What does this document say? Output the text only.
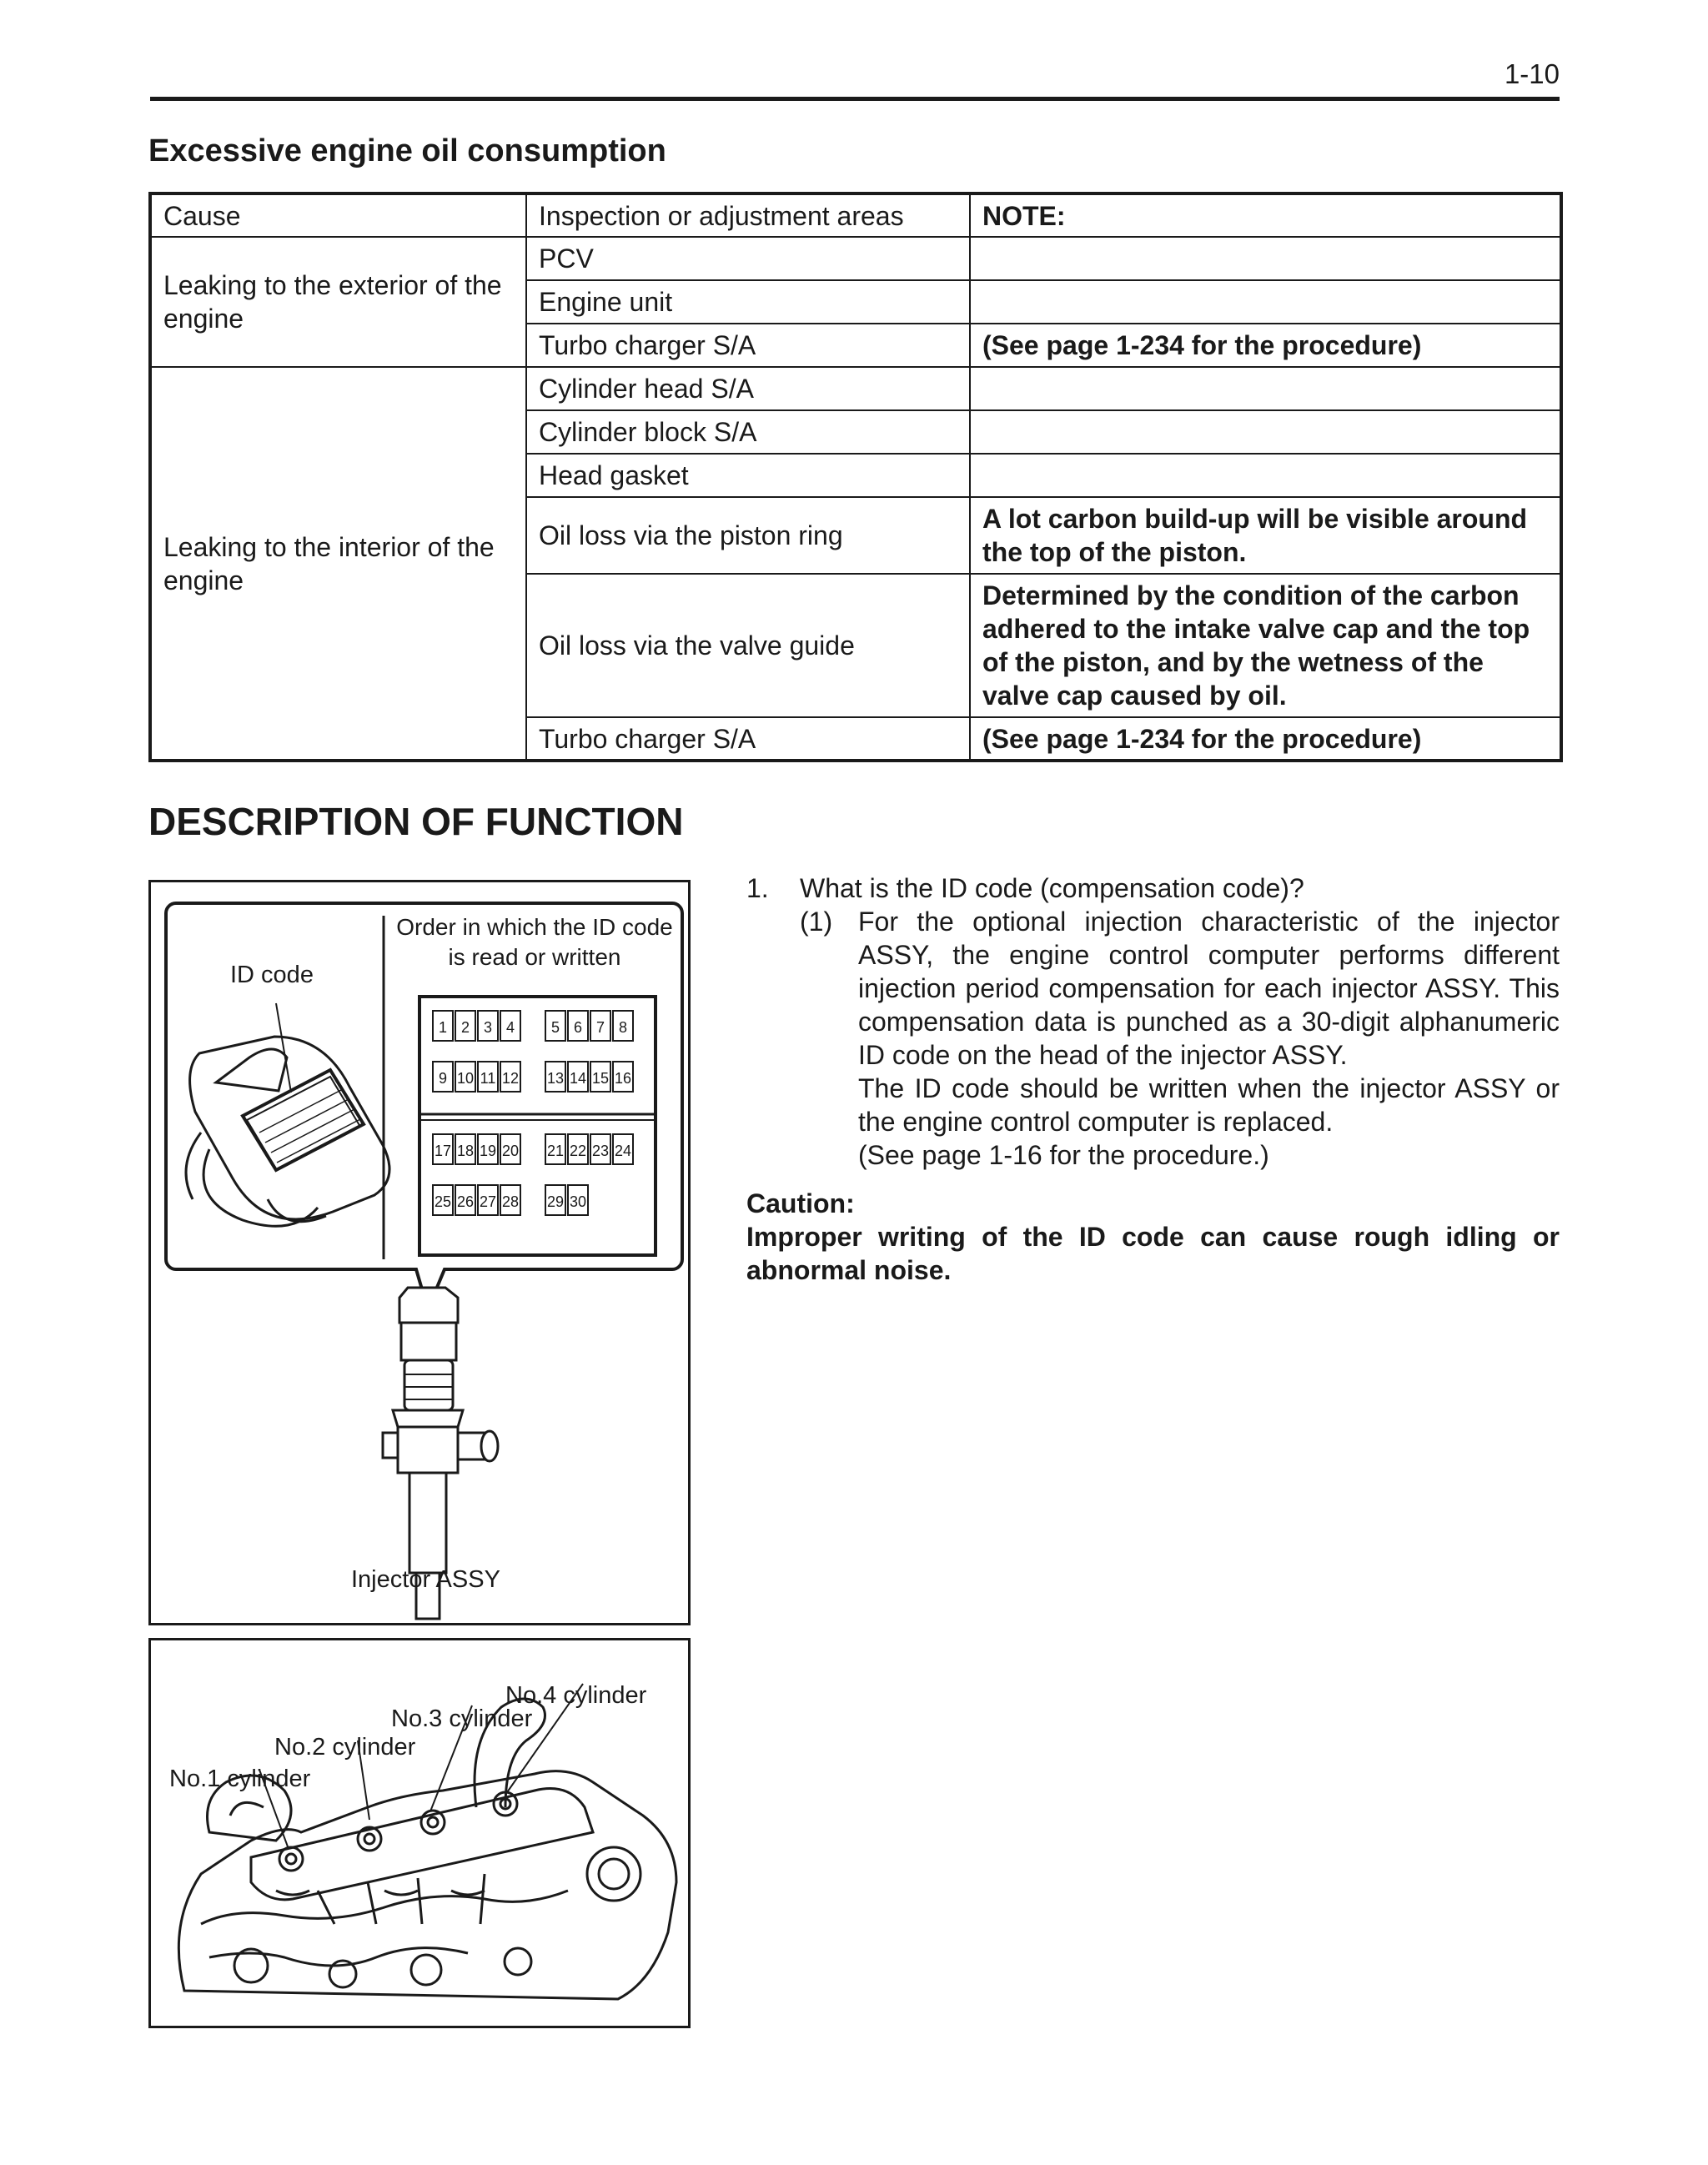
1-10
Excessive engine oil consumption
Cause	Inspection or adjustment areas	NOTE:
Leaking to the exterior of the engine	PCV	
	Engine unit	
	Turbo charger S/A	(See page 1-234 for the procedure)
Leaking to the interior of the engine	Cylinder head S/A	
	Cylinder block S/A	
	Head gasket	
	Oil loss via the piston ring	A lot carbon build-up will be visible around the top of the piston.
	Oil loss via the valve guide	Determined by the condition of the carbon adhered to the intake valve cap and the top of the piston, and by the wetness of the valve cap caused by oil.
	Turbo charger S/A	(See page 1-234 for the procedure)
DESCRIPTION OF FUNCTION
ID code
Order in which the ID code
is read or written
Injector ASSY
1 2 3 4	5 6 7 8
9 10 11 12 13 14 15 16
17 18 19 20 21 22 23 24
25 26 27 28 29 30
No.1 cylinder
No.2 cylinder
No.3 cylinder
No.4 cylinder
1.	What is the ID code (compensation code)?
(1) For the optional injection characteristic of the injector ASSY, the engine control computer performs different injection period compensation for each injector ASSY. This compensation data is punched as a 30-digit alphanumeric ID code on the head of the injector ASSY.
The ID code should be written when the injector ASSY or the engine control computer is replaced.
(See page 1-16 for the procedure.)
Caution:
Improper writing of the ID code can cause rough idling or abnormal noise.
